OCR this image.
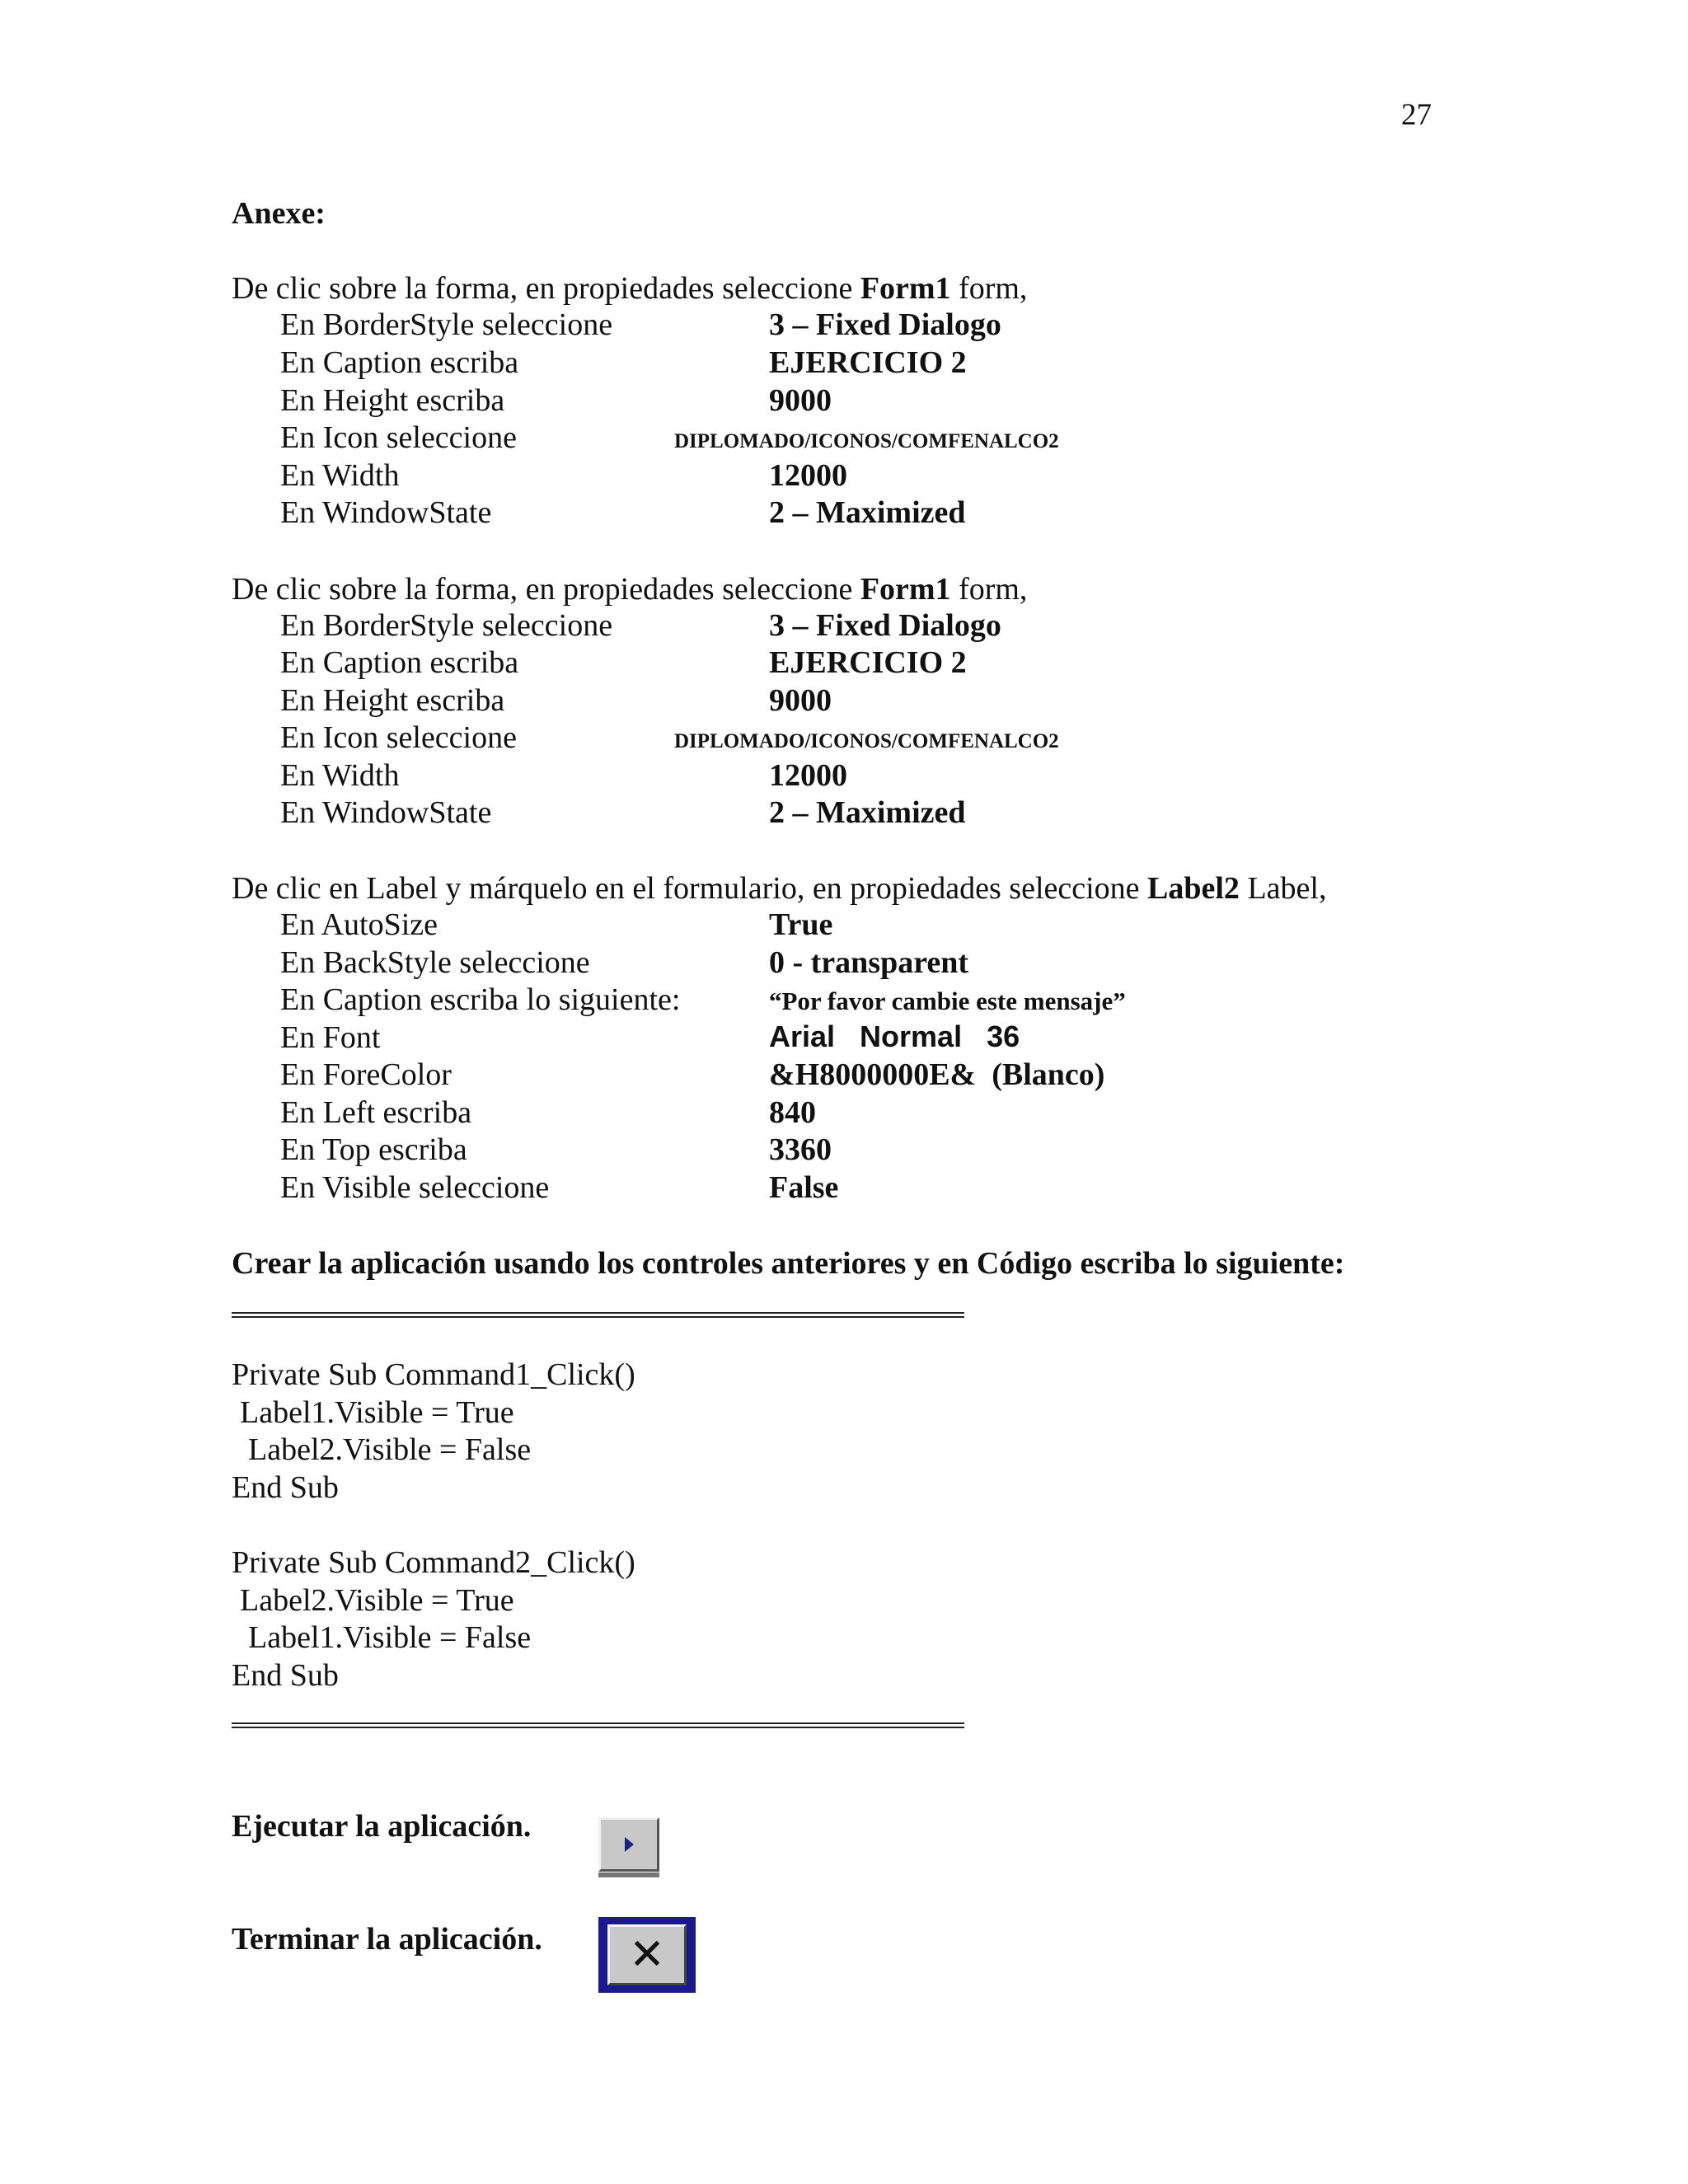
27
Anexe:
De clic sobre la forma, en propiedades seleccione Form1 form,
En BorderStyle seleccione	3 – Fixed Dialogo
En Caption escriba	EJERCICIO 2
En Height escriba	9000
En Icon seleccione	DIPLOMADO/ICONOS/COMFENALCO2
En Width	12000
En WindowState	2 – Maximized
De clic sobre la forma, en propiedades seleccione Form1 form,
En BorderStyle seleccione	3 – Fixed Dialogo
En Caption escriba	EJERCICIO 2
En Height escriba	9000
En Icon seleccione	DIPLOMADO/ICONOS/COMFENALCO2
En Width	12000
En WindowState	2 – Maximized
De clic en Label y márquelo en el formulario, en propiedades seleccione Label2 Label,
En AutoSize	True
En BackStyle seleccione	0 - transparent
En Caption escriba lo siguiente:	“Por favor cambie este mensaje”
En Font	Arial   Normal   36
En ForeColor	&H8000000E&  (Blanco)
En Left escriba	840
En Top escriba	3360
En Visible seleccione	False
Crear la aplicación usando los controles anteriores y en Código escriba lo siguiente:
Private Sub Command1_Click()
Label1.Visible = True
Label2.Visible = False
End Sub
Private Sub Command2_Click()
Label2.Visible = True
Label1.Visible = False
End Sub
Ejecutar la aplicación.
Terminar la aplicación.	✕
